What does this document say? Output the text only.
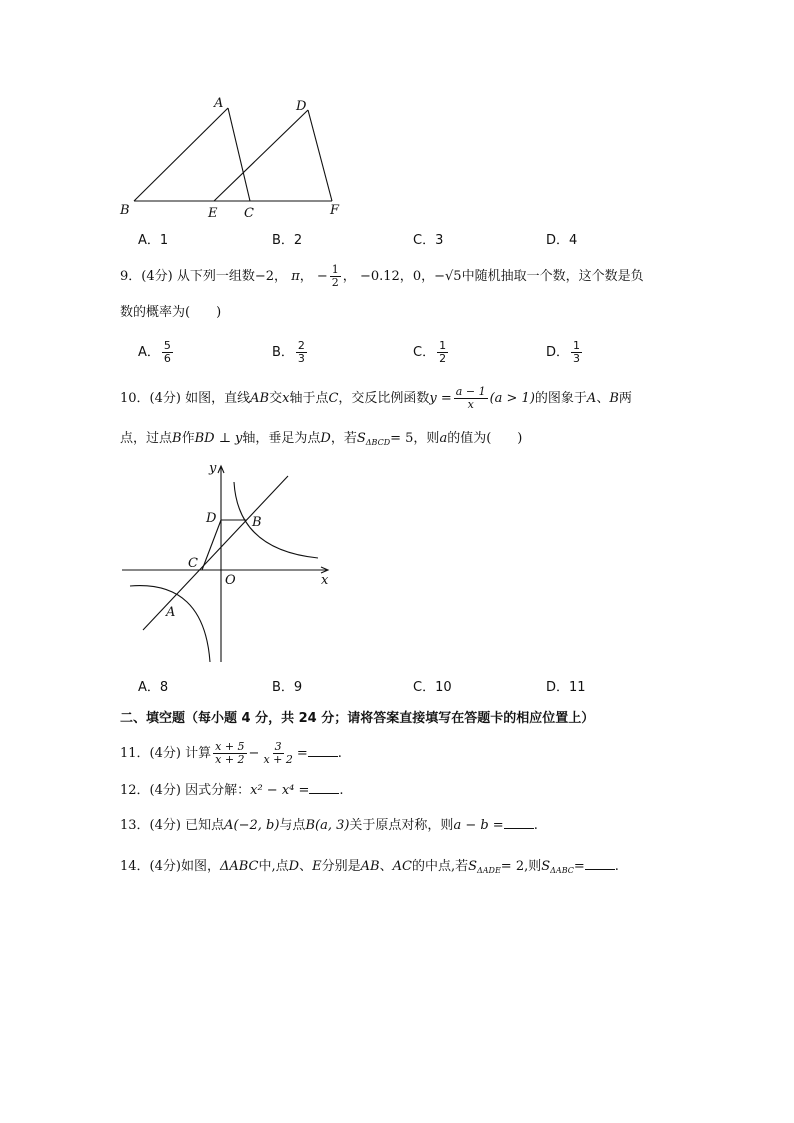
A	D
B	E C	F
A．1	B．2	C．3	D．4
9．(4分) 从下列一组数−2， π， − $\frac{1}{2}$ ， −0.12，0，−√5中随机抽取一个数，这个数是负
数的概率为(　　)
A． $\frac{5}{6}$	B． $\frac{2}{3}$	C． $\frac{1}{2}$	D． $\frac{1}{3}$
10．(4分) 如图，直线AB交x轴于点C，交反比例函数$y = \frac{a - 1}{x} (a > 1)$的图象于A、B两
点，过点B作BD ⊥ y轴，垂足为点D，若$S_{\Delta BCD}= 5$，则a的值为(　　)
y
x
O
D	B
C
A
A．8	B．9	C．10	D．11
二、填空题（每小题 4 分，共 24 分；请将答案直接填写在答题卡的相应位置上）
11．(4分) 计算 $\frac{x + 5}{x + 2} - \frac{3}{x + 2}$ = .
12．(4分) 因式分解：x² − x⁴ = .
13．(4分) 已知点A(−2, b)与点B(a, 3)关于原点对称，则a − b = .
14．(4分)如图，ΔABC中,点D、E分别是AB、AC的中点,若$S_{\Delta ADE}= 2$,则$S_{\Delta ABC}=$ .
